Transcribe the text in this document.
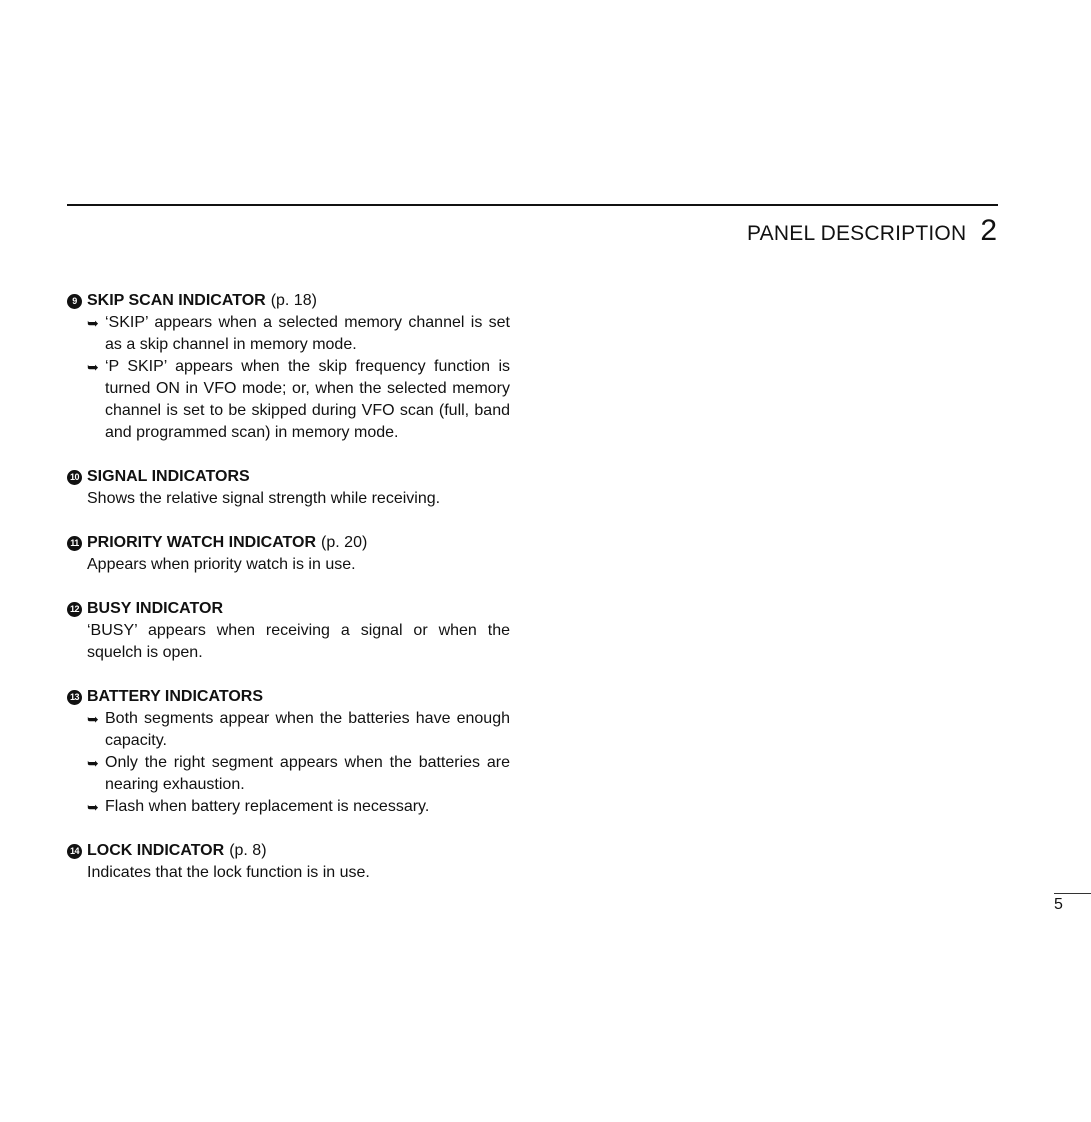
PANEL DESCRIPTION 2
9 SKIP SCAN INDICATOR (p. 18)
➥ ‘SKIP’ appears when a selected memory channel is set as a skip channel in memory mode.
➥ ‘P SKIP’ appears when the skip frequency function is turned ON in VFO mode; or, when the selected memory channel is set to be skipped during VFO scan (full, band and programmed scan) in memory mode.
10 SIGNAL INDICATORS
Shows the relative signal strength while receiving.
11 PRIORITY WATCH INDICATOR (p. 20)
Appears when priority watch is in use.
12 BUSY INDICATOR
‘BUSY’ appears when receiving a signal or when the squelch is open.
13 BATTERY INDICATORS
➥ Both segments appear when the batteries have enough capacity.
➥ Only the right segment appears when the batteries are nearing exhaustion.
➥ Flash when battery replacement is necessary.
14 LOCK INDICATOR (p. 8)
Indicates that the lock function is in use.
5
